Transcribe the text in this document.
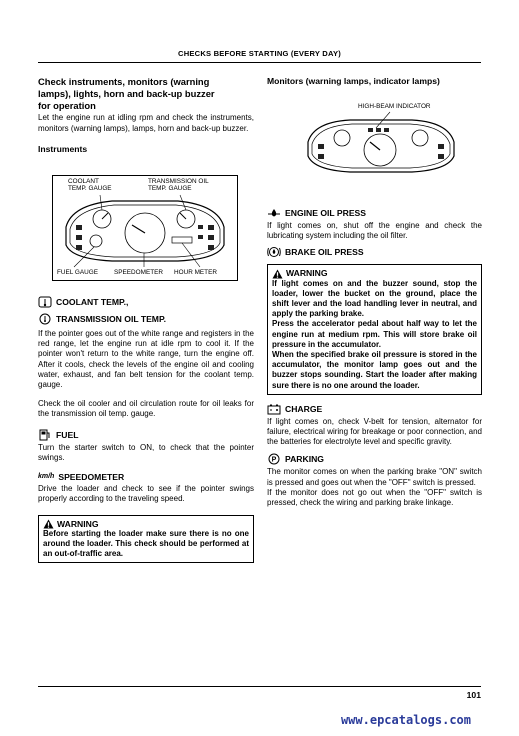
CHECKS BEFORE STARTING (EVERY DAY)
Check instruments, monitors (warning
lamps), lights, horn and back-up buzzer
for operation
Let the engine run at idling rpm and check the instruments, monitors (warning lamps), lamps, horn and back-up buzzer.
Instruments
COOLANT
TEMP. GAUGE
TRANSMISSION OIL
TEMP. GAUGE
FUEL GAUGE	SPEEDOMETER HOUR METER
COOLANT TEMP.,
TRANSMISSION OIL TEMP.
If the pointer goes out of the white range and registers in the red range, let the engine run at idle rpm to cool it. If the pointer won't return to the white range, turn the engine off. After it cools, check the levels of the engine oil and cooling water, exhaust, and fan belt tension for the coolant temp. gauge.
Check the oil cooler and oil circulation route for oil leaks for the transmission oil temp. gauge.
FUEL
Turn the starter switch to ON, to check that the pointer swings.
km/h SPEEDOMETER
Drive the loader and check to see if the pointer swings properly according to the traveling speed.
WARNING
Before starting the loader make sure there is no one around the loader. This check should be performed at an out-of-traffic area.
Monitors (warning lamps, indicator lamps)
HIGH-BEAM INDICATOR
ENGINE OIL PRESS
If light comes on, shut off the engine and check the lubricating system including the oil filter.
BRAKE OIL PRESS
WARNING
If light comes on and the buzzer sound, stop the loader, lower the bucket on the ground, place the shift lever and the load handling lever in neutral, and apply the parking brake.
Press the accelerator pedal about half way to let the engine run at medium rpm. This will store brake oil pressure in the accumulator.
When the specified brake oil pressure is stored in the accumulator, the monitor lamp goes out and the buzzer stops sounding. Start the loader after making sure there is no one around the loader.
CHARGE
If light comes on, check V-belt for tension, alternator for failure, electrical wiring for breakage or poor connection, and the batteries for electrolyte level and specific gravity.
P PARKING
The monitor comes on when the parking brake "ON" switch is pressed and goes out when the "OFF" switch is pressed.
If the monitor does not go out when the "OFF" switch is pressed, check the wiring and parking brake linkage.
101
www.epcatalogs.com
